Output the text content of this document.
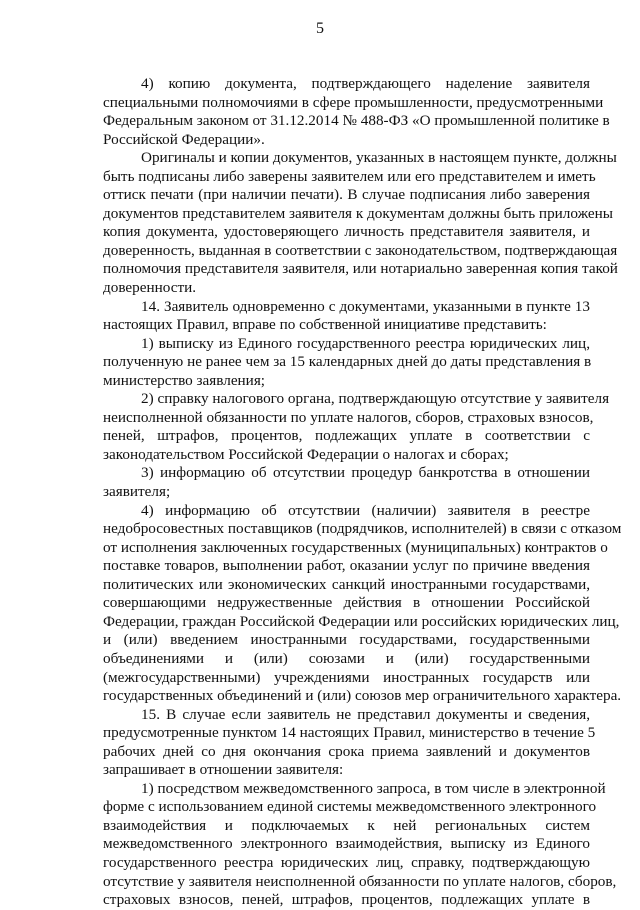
5
4) копию документа, подтверждающего наделение заявителя
специальными полномочиями в сфере промышленности, предусмотренными
Федеральным законом от 31.12.2014 № 488-ФЗ «О промышленной политике в
Российской Федерации».
Оригиналы и копии документов, указанных в настоящем пункте, должны
быть подписаны либо заверены заявителем или его представителем и иметь
оттиск печати (при наличии печати). В случае подписания либо заверения
документов представителем заявителя к документам должны быть приложены
копия документа, удостоверяющего личность представителя заявителя, и
доверенность, выданная в соответствии с законодательством, подтверждающая
полномочия представителя заявителя, или нотариально заверенная копия такой
доверенности.
14. Заявитель одновременно с документами, указанными в пункте 13
настоящих Правил, вправе по собственной инициативе представить:
1) выписку из Единого государственного реестра юридических лиц,
полученную не ранее чем за 15 календарных дней до даты представления в
министерство заявления;
2) справку налогового органа, подтверждающую отсутствие у заявителя
неисполненной обязанности по уплате налогов, сборов, страховых взносов,
пеней, штрафов, процентов, подлежащих уплате в соответствии с
законодательством Российской Федерации о налогах и сборах;
3) информацию об отсутствии процедур банкротства в отношении
заявителя;
4) информацию об отсутствии (наличии) заявителя в реестре
недобросовестных поставщиков (подрядчиков, исполнителей) в связи с отказом
от исполнения заключенных государственных (муниципальных) контрактов о
поставке товаров, выполнении работ, оказании услуг по причине введения
политических или экономических санкций иностранными государствами,
совершающими недружественные действия в отношении Российской
Федерации, граждан Российской Федерации или российских юридических лиц,
и (или) введением иностранными государствами, государственными
объединениями и (или) союзами и (или) государственными
(межгосударственными) учреждениями иностранных государств или
государственных объединений и (или) союзов мер ограничительного характера.
15. В случае если заявитель не представил документы и сведения,
предусмотренные пунктом 14 настоящих Правил, министерство в течение 5
рабочих дней со дня окончания срока приема заявлений и документов
запрашивает в отношении заявителя:
1) посредством межведомственного запроса, в том числе в электронной
форме с использованием единой системы межведомственного электронного
взаимодействия и подключаемых к ней региональных систем
межведомственного электронного взаимодействия, выписку из Единого
государственного реестра юридических лиц, справку, подтверждающую
отсутствие у заявителя неисполненной обязанности по уплате налогов, сборов,
страховых взносов, пеней, штрафов, процентов, подлежащих уплате в
